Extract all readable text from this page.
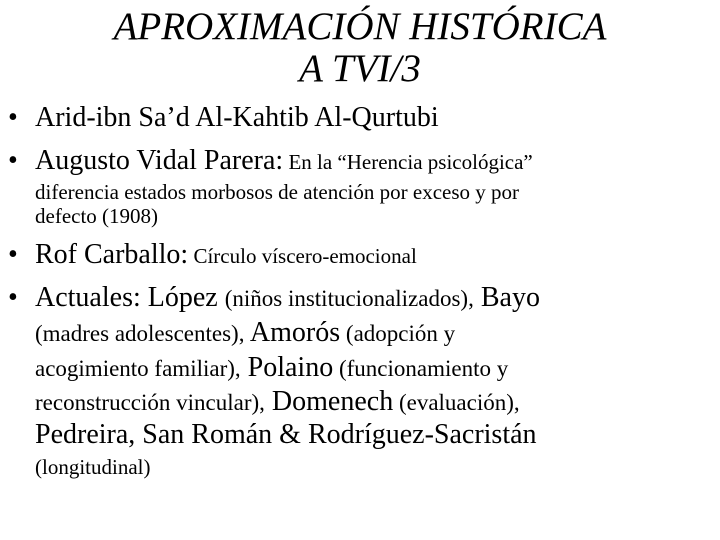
APROXIMACIÓN HISTÓRICA
A TVI/3
• Arid-ibn Sa’d Al-Kahtib Al-Qurtubi
• Augusto Vidal Parera: En la “Herencia psicológica”
diferencia estados morbosos de atención por exceso y por
defecto (1908)
• Rof Carballo: Círculo víscero-emocional
• Actuales: López (niños institucionalizados), Bayo
(madres adolescentes), Amorós (adopción y
acogimiento familiar), Polaino (funcionamiento y
reconstrucción vincular), Domenech (evaluación),
Pedreira, San Román & Rodríguez-Sacristán
(longitudinal)
